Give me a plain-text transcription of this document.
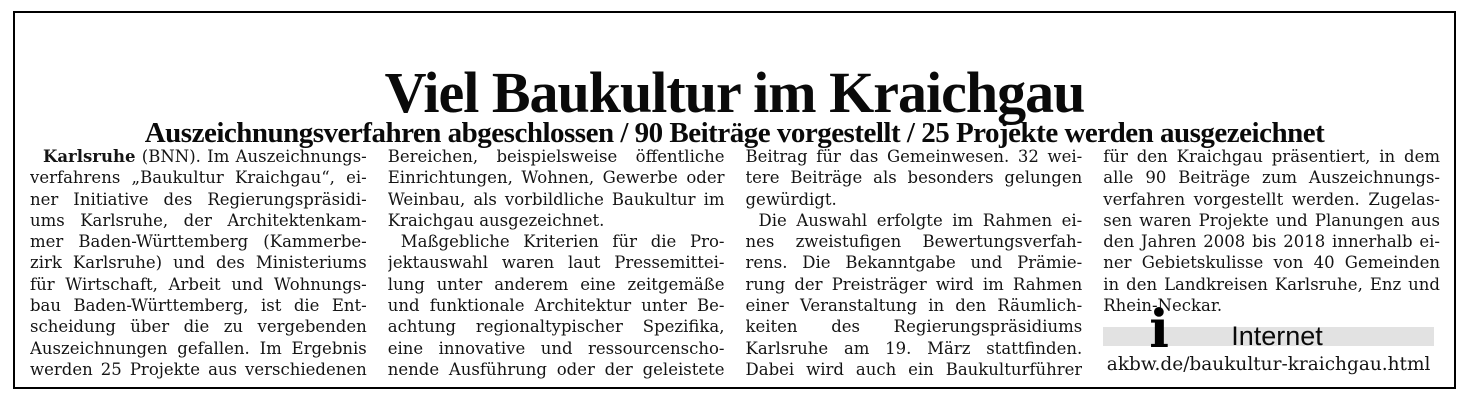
Viel Baukultur im Kraichgau
Auszeichnungsverfahren abgeschlossen / 90 Beiträge vorgestellt / 25 Projekte werden ausgezeichnet
Karlsruhe (BNN). Im Auszeichnungs-
verfahrens „Baukultur Kraichgau“, ei-
ner Initiative des Regierungspräsidi-
ums Karlsruhe, der Architektenkam-
mer Baden-Württemberg (Kammerbe-
zirk Karlsruhe) und des Ministeriums
für Wirtschaft, Arbeit und Wohnungs-
bau Baden-Württemberg, ist die Ent-
scheidung über die zu vergebenden
Auszeichnungen gefallen. Im Ergebnis
werden 25 Projekte aus verschiedenen
Bereichen, beispielsweise öffentliche
Einrichtungen, Wohnen, Gewerbe oder
Weinbau, als vorbildliche Baukultur im
Kraichgau ausgezeichnet.
Maßgebliche Kriterien für die Pro-
jektauswahl waren laut Pressemittei-
lung unter anderem eine zeitgemäße
und funktionale Architektur unter Be-
achtung regionaltypischer Spezifika,
eine innovative und ressourcenscho-
nende Ausführung oder der geleistete
Beitrag für das Gemeinwesen. 32 wei-
tere Beiträge als besonders gelungen
gewürdigt.
Die Auswahl erfolgte im Rahmen ei-
nes zweistufigen Bewertungsverfah-
rens. Die Bekanntgabe und Prämie-
rung der Preisträger wird im Rahmen
einer Veranstaltung in den Räumlich-
keiten des Regierungspräsidiums
Karlsruhe am 19. März stattfinden.
Dabei wird auch ein Baukulturführer
für den Kraichgau präsentiert, in dem
alle 90 Beiträge zum Auszeichnungs-
verfahren vorgestellt werden. Zugelas-
sen waren Projekte und Planungen aus
den Jahren 2008 bis 2018 innerhalb ei-
ner Gebietskulisse von 40 Gemeinden
in den Landkreisen Karlsruhe, Enz und
Rhein-Neckar.
i Internet
akbw.de/baukultur-kraichgau.html
